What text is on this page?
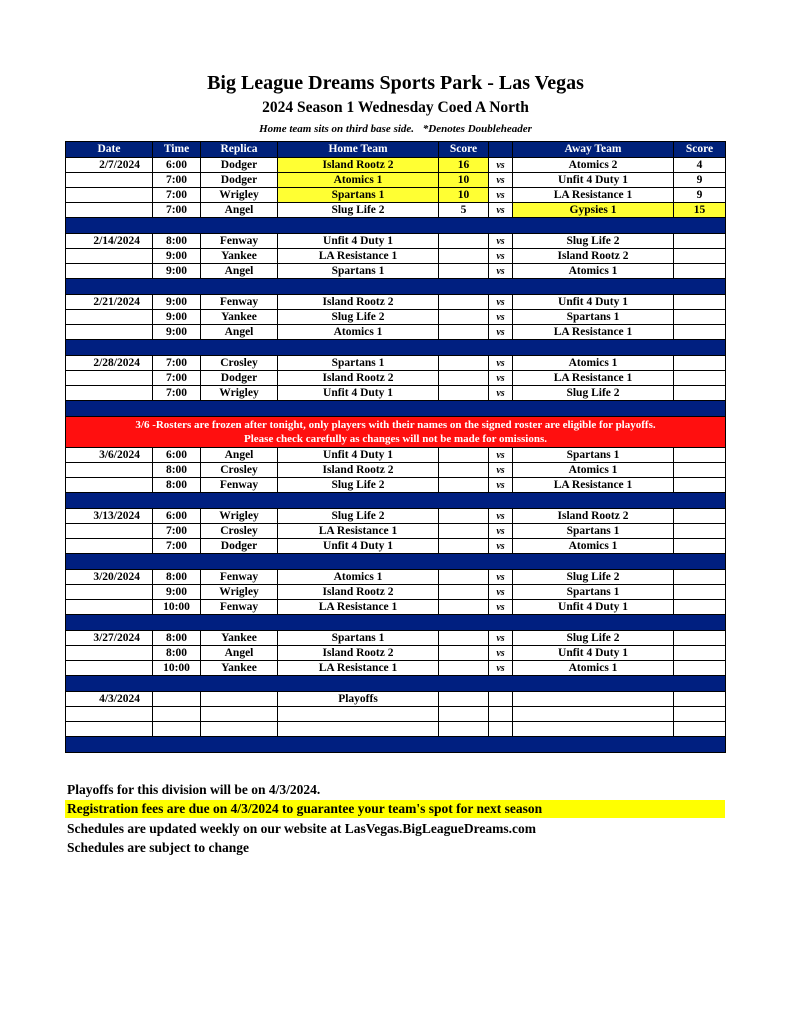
Big League Dreams Sports Park - Las Vegas
2024 Season 1 Wednesday Coed A North
Home team sits on third base side. *Denotes Doubleheader
Date	Time	Replica	Home Team	Score		Away Team	Score
2/7/2024	6:00	Dodger	Island Rootz 2	16	vs	Atomics 2	4
	7:00	Dodger	Atomics 1	10	vs	Unfit 4 Duty 1	9
	7:00	Wrigley	Spartans 1	10	vs	LA Resistance 1	9
	7:00	Angel	Slug Life 2	5	vs	Gypsies 1	15

2/14/2024	8:00	Fenway	Unfit 4 Duty 1		vs	Slug Life 2	
	9:00	Yankee	LA Resistance 1		vs	Island Rootz 2	
	9:00	Angel	Spartans 1		vs	Atomics 1	

2/21/2024	9:00	Fenway	Island Rootz 2		vs	Unfit 4 Duty 1	
	9:00	Yankee	Slug Life 2		vs	Spartans 1	
	9:00	Angel	Atomics 1		vs	LA Resistance 1	

2/28/2024	7:00	Crosley	Spartans 1		vs	Atomics 1	
	7:00	Dodger	Island Rootz 2		vs	LA Resistance 1	
	7:00	Wrigley	Unfit 4 Duty 1		vs	Slug Life 2	

3/6 -Rosters are frozen after tonight, only players with their names on the signed roster are eligible for playoffs.
Please check carefully as changes will not be made for omissions.							

3/6/2024	6:00	Angel	Unfit 4 Duty 1		vs	Spartans 1	
	8:00	Crosley	Island Rootz 2		vs	Atomics 1	
	8:00	Fenway	Slug Life 2		vs	LA Resistance 1	

3/13/2024	6:00	Wrigley	Slug Life 2		vs	Island Rootz 2	
	7:00	Crosley	LA Resistance 1		vs	Spartans 1	
	7:00	Dodger	Unfit 4 Duty 1		vs	Atomics 1	

3/20/2024	8:00	Fenway	Atomics 1		vs	Slug Life 2	
	9:00	Wrigley	Island Rootz 2		vs	Spartans 1	
	10:00	Fenway	LA Resistance 1		vs	Unfit 4 Duty 1	

3/27/2024	8:00	Yankee	Spartans 1		vs	Slug Life 2	
	8:00	Angel	Island Rootz 2		vs	Unfit 4 Duty 1	
	10:00	Yankee	LA Resistance 1		vs	Atomics 1	

4/3/2024			Playoffs				

Playoffs for this division will be on 4/3/2024.
Registration fees are due on 4/3/2024 to guarantee your team's spot for next season
Schedules are updated weekly on our website at LasVegas.BigLeagueDreams.com
Schedules are subject to change
